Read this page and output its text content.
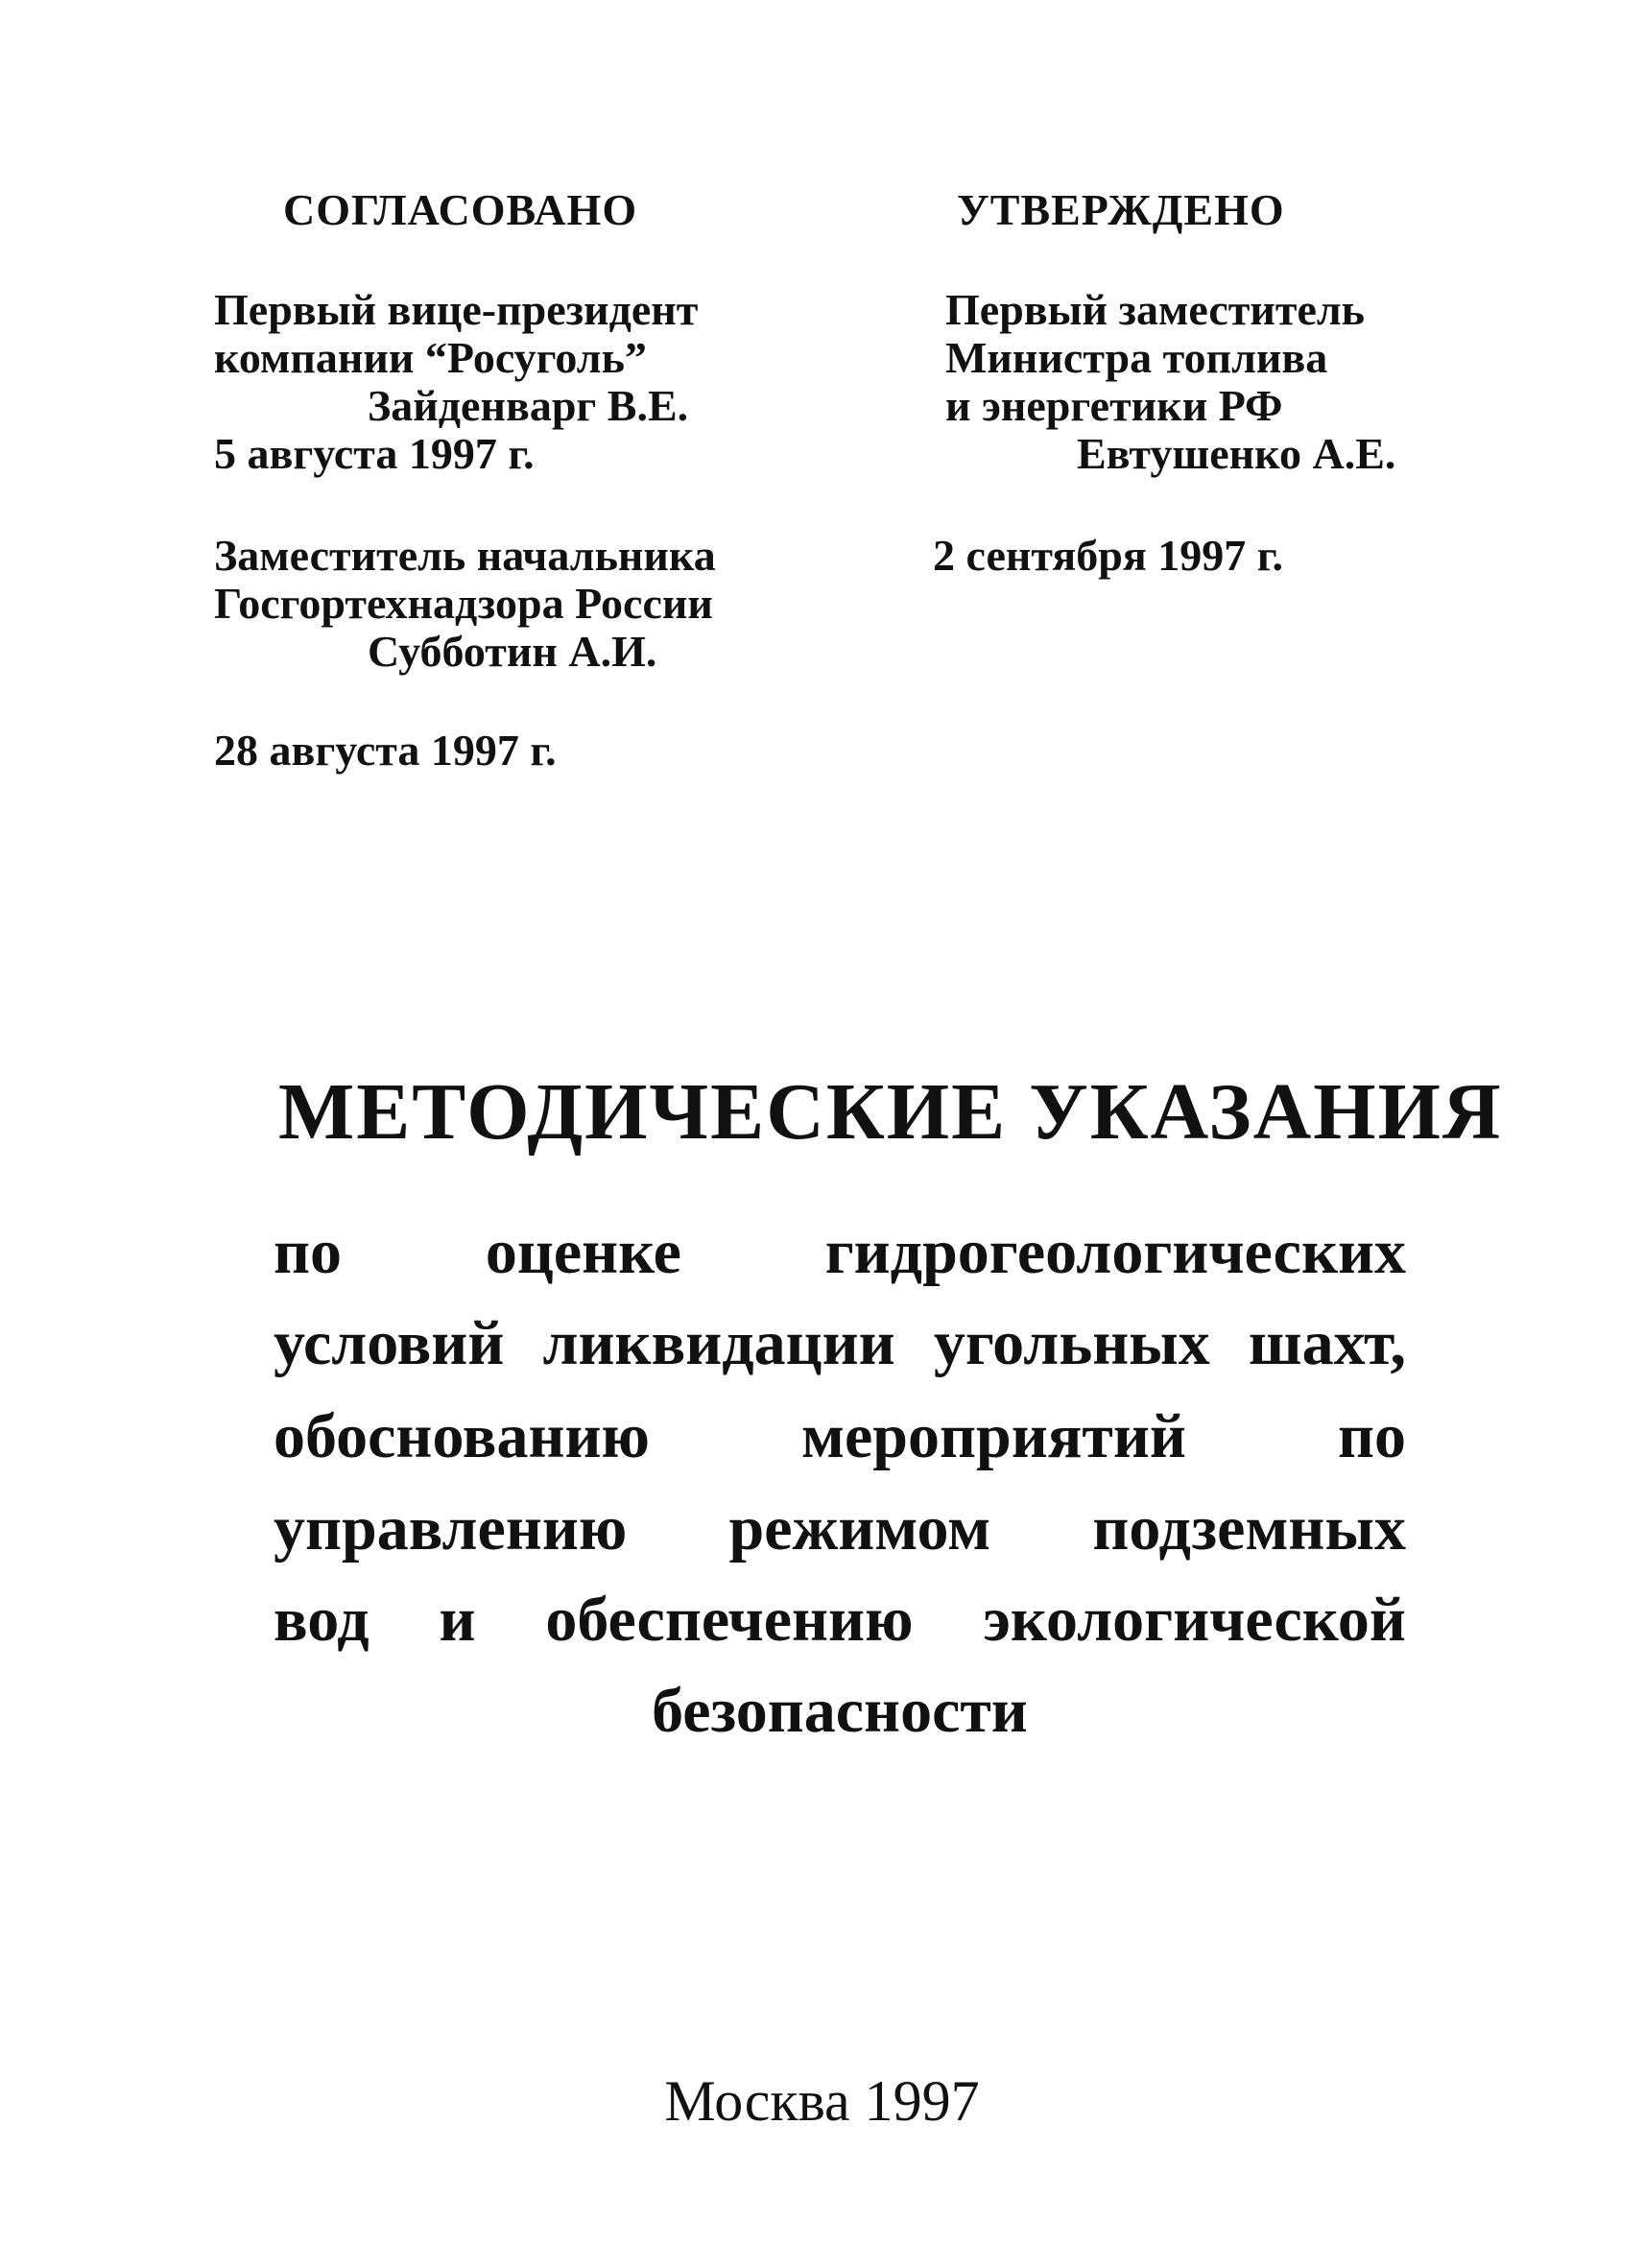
СОГЛАСОВАНО
Первый вице-президент
компании “Росуголь”
Зайденварг В.Е.
5 августа 1997 г.
Заместитель начальника
Госгортехнадзора России
Субботин А.И.
28 августа 1997 г.
УТВЕРЖДЕНО
Первый заместитель
Министра топлива
и энергетики РФ
Евтушенко А.Е.
2 сентября 1997 г.
МЕТОДИЧЕСКИЕ УКАЗАНИЯ
по оценке гидрогеологических
условий ликвидации угольных шахт,
обоснованию мероприятий по
управлению режимом подземных
вод и обеспечению экологической
безопасности
Москва 1997
